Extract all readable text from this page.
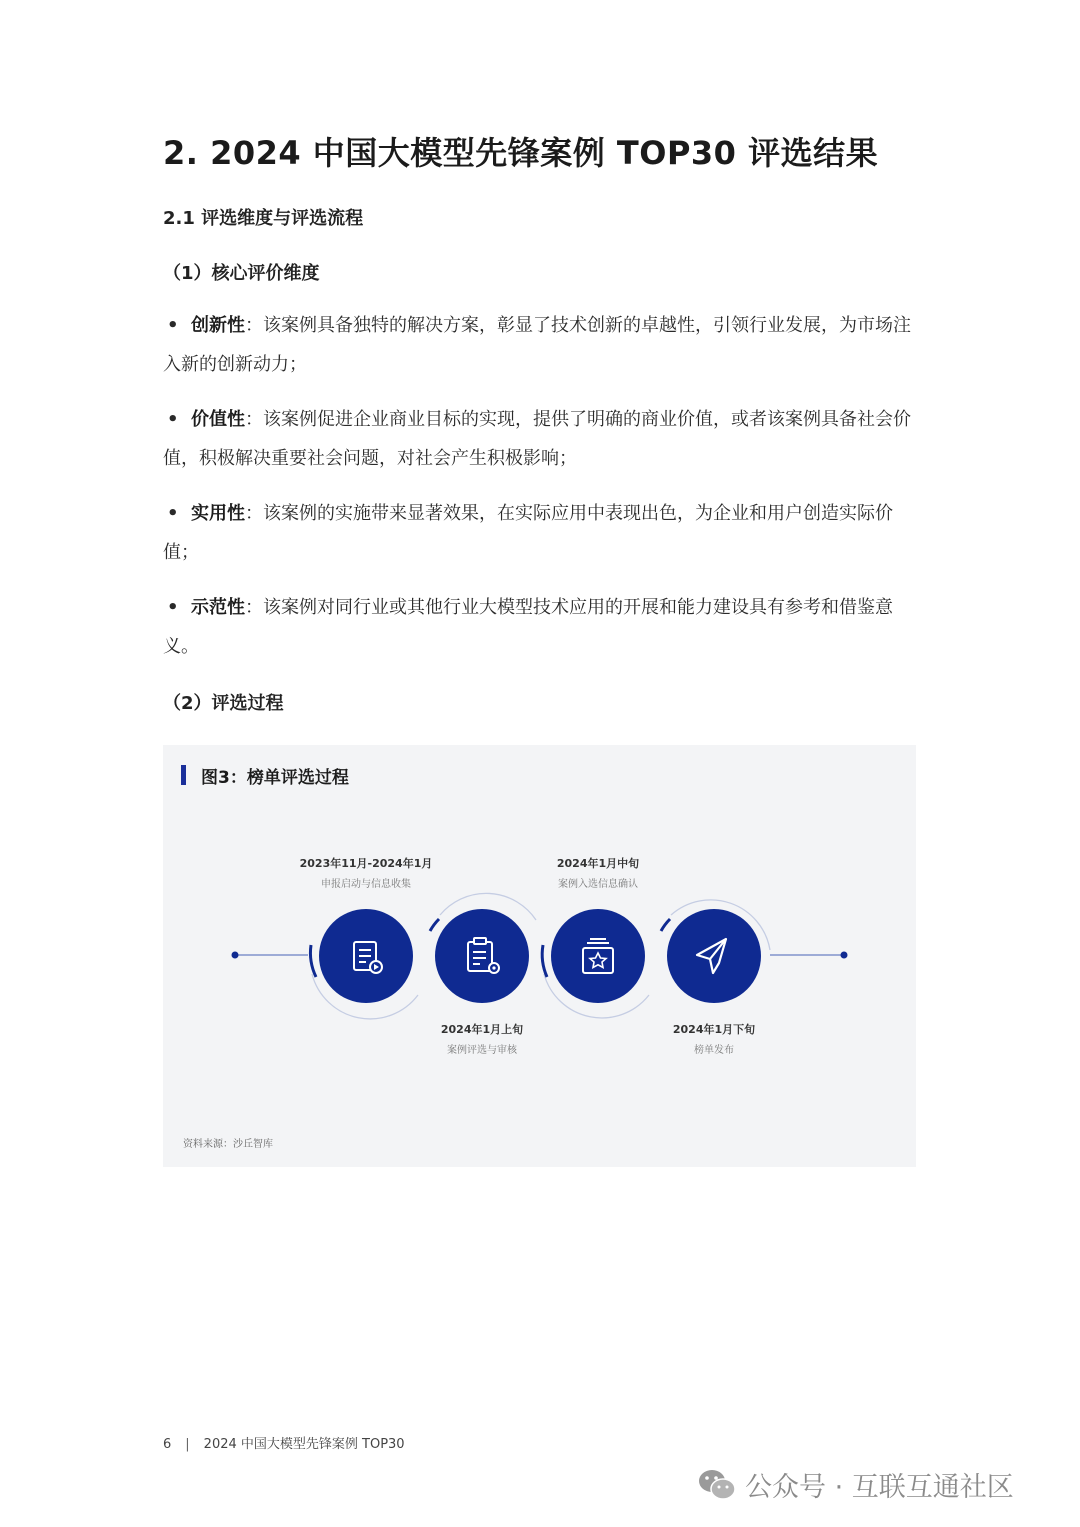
2. 2024 中国大模型先锋案例 TOP30 评选结果
2.1 评选维度与评选流程
（1）核心评价维度
• 创新性：该案例具备独特的解决方案，彰显了技术创新的卓越性，引领行业发展，为市场注入新的创新动力；
• 价值性：该案例促进企业商业目标的实现，提供了明确的商业价值，或者该案例具备社会价值，积极解决重要社会问题，对社会产生积极影响；
• 实用性：该案例的实施带来显著效果，在实际应用中表现出色，为企业和用户创造实际价值；
• 示范性：该案例对同行业或其他行业大模型技术应用的开展和能力建设具有参考和借鉴意义。
（2）评选过程
图3：榜单评选过程
2023年11月-2024年1月
申报启动与信息收集
2024年1月上旬
案例评选与审核
2024年1月中旬
案例入选信息确认
2024年1月下旬
榜单发布
资料来源：沙丘智库
6 | 2024 中国大模型先锋案例 TOP30
公众号 · 互联互通社区
